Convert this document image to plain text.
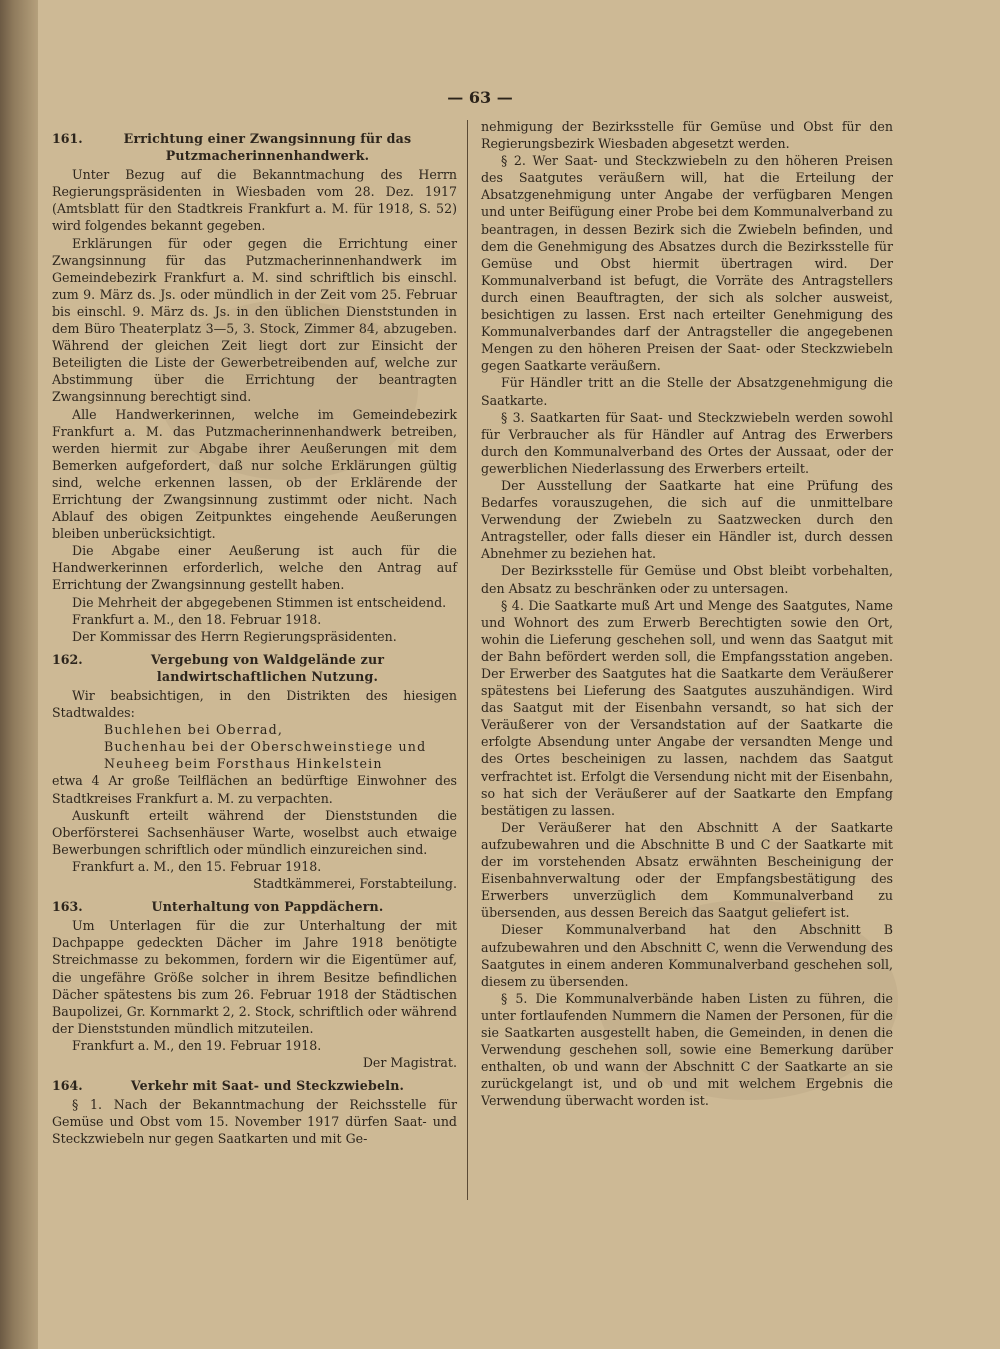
— 63 —
161.	Errichtung einer Zwangsinnung für das Putzmacherinnenhandwerk.

Unter Bezug auf die Bekanntmachung des Herrn Regierungspräsidenten in Wiesbaden vom 28. Dez. 1917 (Amtsblatt für den Stadtkreis Frankfurt a. M. für 1918, S. 52) wird folgendes bekannt gegeben.

Erklärungen für oder gegen die Errichtung einer Zwangsinnung für das Putzmacherinnenhandwerk im Gemeindebezirk Frankfurt a. M. sind schriftlich bis einschl. zum 9. März ds. Js. oder mündlich in der Zeit vom 25. Februar bis einschl. 9. März ds. Js. in den üblichen Dienststunden in dem Büro Theaterplatz 3—5, 3. Stock, Zimmer 84, abzugeben. Während der gleichen Zeit liegt dort zur Einsicht der Beteiligten die Liste der Gewerbetreibenden auf, welche zur Abstimmung über die Errichtung der beantragten Zwangsinnung berechtigt sind.

Alle Handwerkerinnen, welche im Gemeindebezirk Frankfurt a. M. das Putzmacherinnenhandwerk betreiben, werden hiermit zur Abgabe ihrer Aeußerungen mit dem Bemerken aufgefordert, daß nur solche Erklärungen gültig sind, welche erkennen lassen, ob der Erklärende der Errichtung der Zwangsinnung zustimmt oder nicht. Nach Ablauf des obigen Zeitpunktes eingehende Aeußerungen bleiben unberücksichtigt.

Die Abgabe einer Aeußerung ist auch für die Handwerkerinnen erforderlich, welche den Antrag auf Errichtung der Zwangsinnung gestellt haben.

Die Mehrheit der abgegebenen Stimmen ist entscheidend.

Frankfurt a. M., den 18. Februar 1918.

Der Kommissar des Herrn Regierungspräsidenten.

162.	Vergebung von Waldgelände zur landwirtschaftlichen Nutzung.

Wir beabsichtigen, in den Distrikten des hiesigen Stadtwaldes:

Buchlehen bei Oberrad,

Buchenhau bei der Oberschweinstiege und

Neuheeg beim Forsthaus Hinkelstein

etwa 4 Ar große Teilflächen an bedürftige Einwohner des Stadtkreises Frankfurt a. M. zu verpachten.

Auskunft erteilt während der Dienststunden die Oberförsterei Sachsenhäuser Warte, woselbst auch etwaige Bewerbungen schriftlich oder mündlich einzureichen sind.

Frankfurt a. M., den 15. Februar 1918.

Stadtkämmerei, Forstabteilung.

163.	Unterhaltung von Pappdächern.

Um Unterlagen für die zur Unterhaltung der mit Dachpappe gedeckten Dächer im Jahre 1918 benötigte Streichmasse zu bekommen, fordern wir die Eigentümer auf, die ungefähre Größe solcher in ihrem Besitze befindlichen Dächer spätestens bis zum 26. Februar 1918 der Städtischen Baupolizei, Gr. Kornmarkt 2, 2. Stock, schriftlich oder während der Dienststunden mündlich mitzuteilen.

Frankfurt a. M., den 19. Februar 1918.

Der Magistrat.

164.	Verkehr mit Saat- und Steckzwiebeln.

§ 1. Nach der Bekanntmachung der Reichsstelle für Gemüse und Obst vom 15. November 1917 dürfen Saat- und Steckzwiebeln nur gegen Saatkarten und mit Ge-

nehmigung der Bezirksstelle für Gemüse und Obst für den Regierungsbezirk Wiesbaden abgesetzt werden.

§ 2. Wer Saat- und Steckzwiebeln zu den höheren Preisen des Saatgutes veräußern will, hat die Erteilung der Absatzgenehmigung unter Angabe der verfügbaren Mengen und unter Beifügung einer Probe bei dem Kommunalverband zu beantragen, in dessen Bezirk sich die Zwiebeln befinden, und dem die Genehmigung des Absatzes durch die Bezirksstelle für Gemüse und Obst hiermit übertragen wird. Der Kommunalverband ist befugt, die Vorräte des Antragstellers durch einen Beauftragten, der sich als solcher ausweist, besichtigen zu lassen. Erst nach erteilter Genehmigung des Kommunalverbandes darf der Antragsteller die angegebenen Mengen zu den höheren Preisen der Saat- oder Steckzwiebeln gegen Saatkarte veräußern.

Für Händler tritt an die Stelle der Absatzgenehmigung die Saatkarte.

§ 3. Saatkarten für Saat- und Steckzwiebeln werden sowohl für Verbraucher als für Händler auf Antrag des Erwerbers durch den Kommunalverband des Ortes der Aussaat, oder der gewerblichen Niederlassung des Erwerbers erteilt.

Der Ausstellung der Saatkarte hat eine Prüfung des Bedarfes vorauszugehen, die sich auf die unmittelbare Verwendung der Zwiebeln zu Saatzwecken durch den Antragsteller, oder falls dieser ein Händler ist, durch dessen Abnehmer zu beziehen hat.

Der Bezirksstelle für Gemüse und Obst bleibt vorbehalten, den Absatz zu beschränken oder zu untersagen.

§ 4. Die Saatkarte muß Art und Menge des Saatgutes, Name und Wohnort des zum Erwerb Berechtigten sowie den Ort, wohin die Lieferung geschehen soll, und wenn das Saatgut mit der Bahn befördert werden soll, die Empfangsstation angeben. Der Erwerber des Saatgutes hat die Saatkarte dem Veräußerer spätestens bei Lieferung des Saatgutes auszuhändigen. Wird das Saatgut mit der Eisenbahn versandt, so hat sich der Veräußerer von der Versandstation auf der Saatkarte die erfolgte Absendung unter Angabe der versandten Menge und des Ortes bescheinigen zu lassen, nachdem das Saatgut verfrachtet ist. Erfolgt die Versendung nicht mit der Eisenbahn, so hat sich der Veräußerer auf der Saatkarte den Empfang bestätigen zu lassen.

Der Veräußerer hat den Abschnitt A der Saatkarte aufzubewahren und die Abschnitte B und C der Saatkarte mit der im vorstehenden Absatz erwähnten Bescheinigung der Eisenbahnverwaltung oder der Empfangsbestätigung des Erwerbers unverzüglich dem Kommunalverband zu übersenden, aus dessen Bereich das Saatgut geliefert ist.

Dieser Kommunalverband hat den Abschnitt B aufzubewahren und den Abschnitt C, wenn die Verwendung des Saatgutes in einem anderen Kommunalverband geschehen soll, diesem zu übersenden.

§ 5. Die Kommunalverbände haben Listen zu führen, die unter fortlaufenden Nummern die Namen der Personen, für die sie Saatkarten ausgestellt haben, die Gemeinden, in denen die Verwendung geschehen soll, sowie eine Bemerkung darüber enthalten, ob und wann der Abschnitt C der Saatkarte an sie zurückgelangt ist, und ob und mit welchem Ergebnis die Verwendung überwacht worden ist.
